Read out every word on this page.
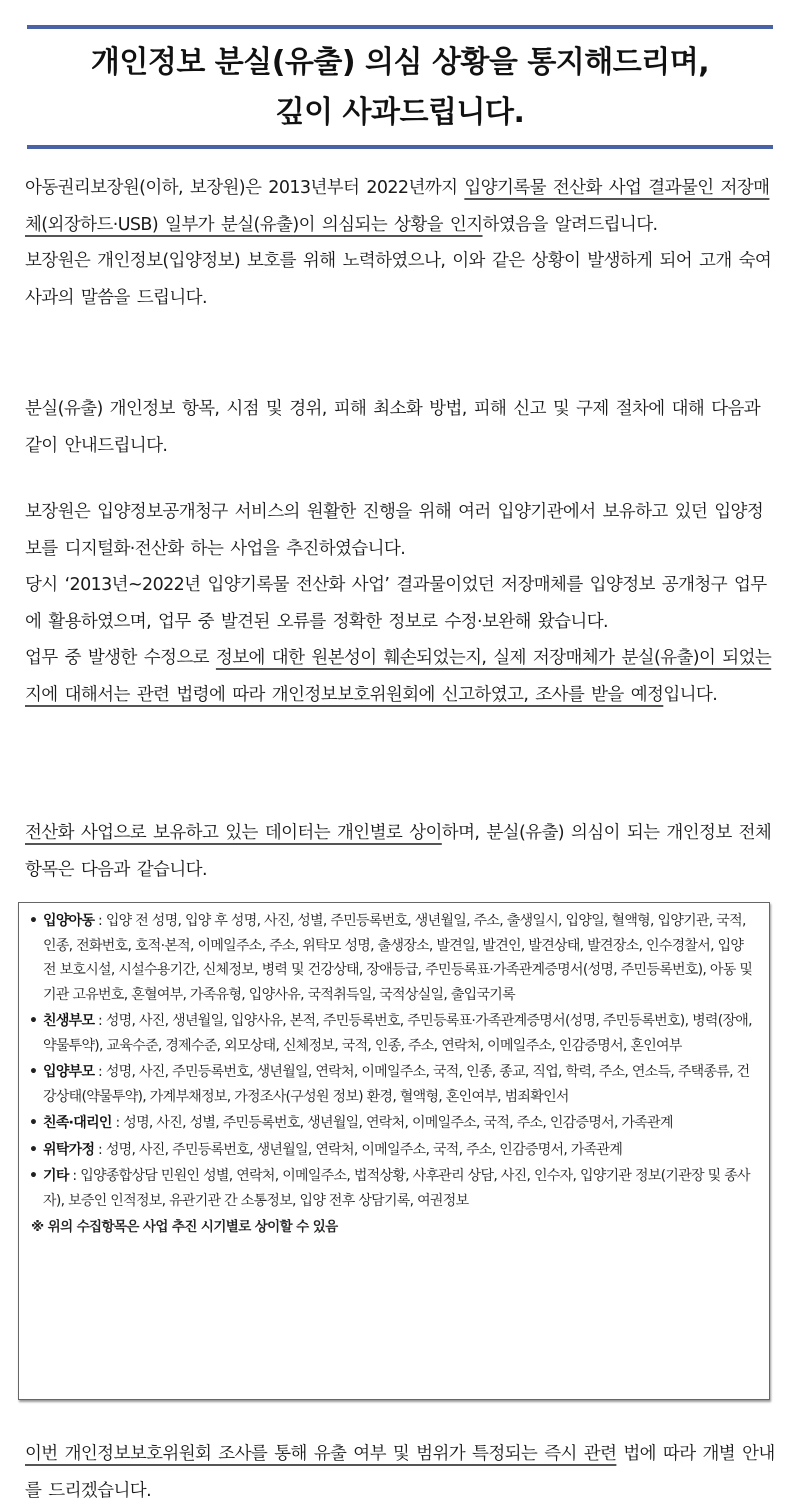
개인정보 분실(유출) 의심 상황을 통지해드리며,
깊이 사과드립니다.

아동권리보장원(이하, 보장원)은 2013년부터 2022년까지 입양기록물 전산화 사업 결과물인 저장매체(외장하드·USB) 일부가 분실(유출)이 의심되는 상황을 인지하였음을 알려드립니다.

보장원은 개인정보(입양정보) 보호를 위해 노력하였으나, 이와 같은 상황이 발생하게 되어 고개 숙여 사과의 말씀을 드립니다.

분실(유출) 개인정보 항목, 시점 및 경위, 피해 최소화 방법, 피해 신고 및 구제 절차에 대해 다음과 같이 안내드립니다.

보장원은 입양정보공개청구 서비스의 원활한 진행을 위해 여러 입양기관에서 보유하고 있던 입양정보를 디지털화·전산화 하는 사업을 추진하였습니다.

당시 ‘2013년~2022년 입양기록물 전산화 사업’ 결과물이었던 저장매체를 입양정보 공개청구 업무에 활용하였으며, 업무 중 발견된 오류를 정확한 정보로 수정·보완해 왔습니다.

업무 중 발생한 수정으로 정보에 대한 원본성이 훼손되었는지, 실제 저장매체가 분실(유출)이 되었는지에 대해서는 관련 법령에 따라 개인정보보호위원회에 신고하였고, 조사를 받을 예정입니다.

전산화 사업으로 보유하고 있는 데이터는 개인별로 상이하며, 분실(유출) 의심이 되는 개인정보 전체 항목은 다음과 같습니다.

• 입양아동 : 입양 전 성명, 입양 후 성명, 사진, 성별, 주민등록번호, 생년월일, 주소, 출생일시, 입양일, 혈액형, 입양기관, 국적, 인종, 전화번호, 호적·본적, 이메일주소, 주소, 위탁모 성명, 출생장소, 발견일, 발견인, 발견상태, 발견장소, 인수경찰서, 입양 전 보호시설, 시설수용기간, 신체정보, 병력 및 건강상태, 장애등급, 주민등록표·가족관계증명서(성명, 주민등록번호), 아동 및 기관 고유번호, 혼혈여부, 가족유형, 입양사유, 국적취득일, 국적상실일, 출입국기록
• 친생부모 : 성명, 사진, 생년월일, 입양사유, 본적, 주민등록번호, 주민등록표·가족관계증명서(성명, 주민등록번호), 병력(장애, 약물투약), 교육수준, 경제수준, 외모상태, 신체정보, 국적, 인종, 주소, 연락처, 이메일주소, 인감증명서, 혼인여부
• 입양부모 : 성명, 사진, 주민등록번호, 생년월일, 연락처, 이메일주소, 국적, 인종, 종교, 직업, 학력, 주소, 연소득, 주택종류, 건강상태(약물투약), 가계부채정보, 가정조사(구성원 정보) 환경, 혈액형, 혼인여부, 범죄확인서
• 친족·대리인 : 성명, 사진, 성별, 주민등록번호, 생년월일, 연락처, 이메일주소, 국적, 주소, 인감증명서, 가족관계
• 위탁가정 : 성명, 사진, 주민등록번호, 생년월일, 연락처, 이메일주소, 국적, 주소, 인감증명서, 가족관계
• 기타 : 입양종합상담 민원인 성별, 연락처, 이메일주소, 법적상황, 사후관리 상담, 사진, 인수자, 입양기관 정보(기관장 및 종사자), 보증인 인적정보, 유관기관 간 소통정보, 입양 전후 상담기록, 여권정보
※ 위의 수집항목은 사업 추진 시기별로 상이할 수 있음

이번 개인정보보호위원회 조사를 통해 유출 여부 및 범위가 특정되는 즉시 관련 법에 따라 개별 안내를 드리겠습니다.
